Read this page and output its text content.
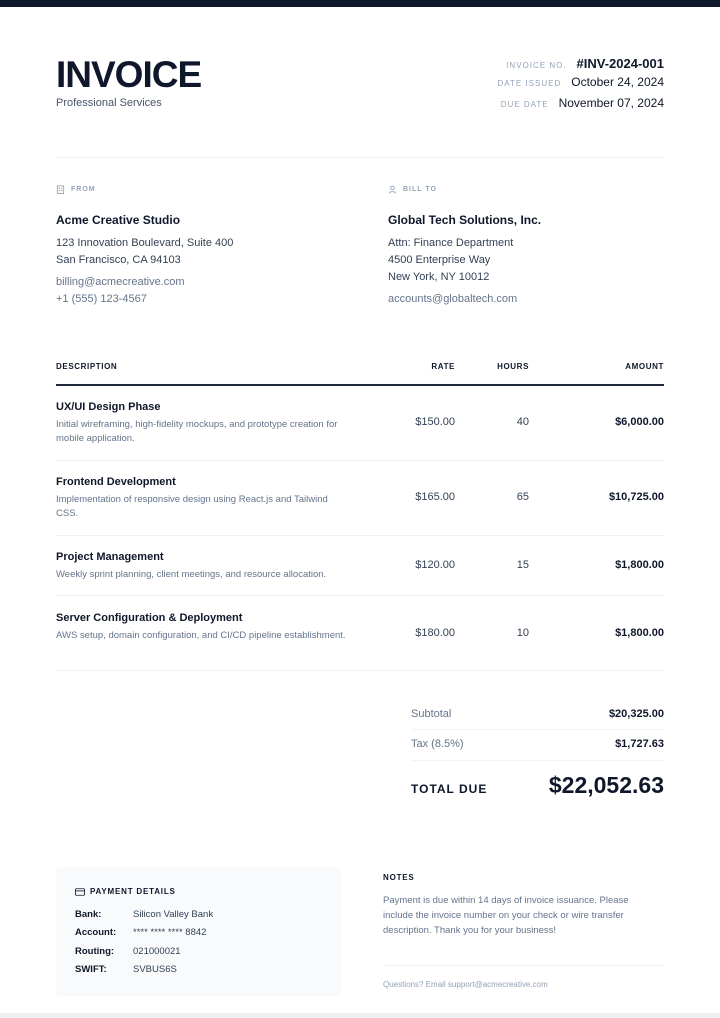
INVOICE
Professional Services
INVOICE NO. #INV-2024-001
DATE ISSUED October 24, 2024
DUE DATE November 07, 2024
FROM
Acme Creative Studio
123 Innovation Boulevard, Suite 400
San Francisco, CA 94103
billing@acmecreative.com
+1 (555) 123-4567
BILL TO
Global Tech Solutions, Inc.
Attn: Finance Department
4500 Enterprise Way
New York, NY 10012
accounts@globaltech.com
DESCRIPTION	RATE	HOURS	AMOUNT
UX/UI Design Phase
Initial wireframing, high-fidelity mockups, and prototype creation for mobile application.
$150.00	40	$6,000.00
Frontend Development
Implementation of responsive design using React.js and Tailwind CSS.
$165.00	65	$10,725.00
Project Management
Weekly sprint planning, client meetings, and resource allocation.
$120.00	15	$1,800.00
Server Configuration & Deployment
AWS setup, domain configuration, and CI/CD pipeline establishment.	$180.00	10	$1,800.00
Subtotal	$20,325.00
Tax (8.5%)	$1,727.63
TOTAL DUE	$22,052.63
PAYMENT DETAILS
Bank:	Silicon Valley Bank
Account:	**** **** **** 8842
Routing:	021000021
SWIFT:	SVBUS6S
NOTES
Payment is due within 14 days of invoice issuance. Please include the invoice number on your check or wire transfer description. Thank you for your business!
Questions? Email support@acmecreative.com
